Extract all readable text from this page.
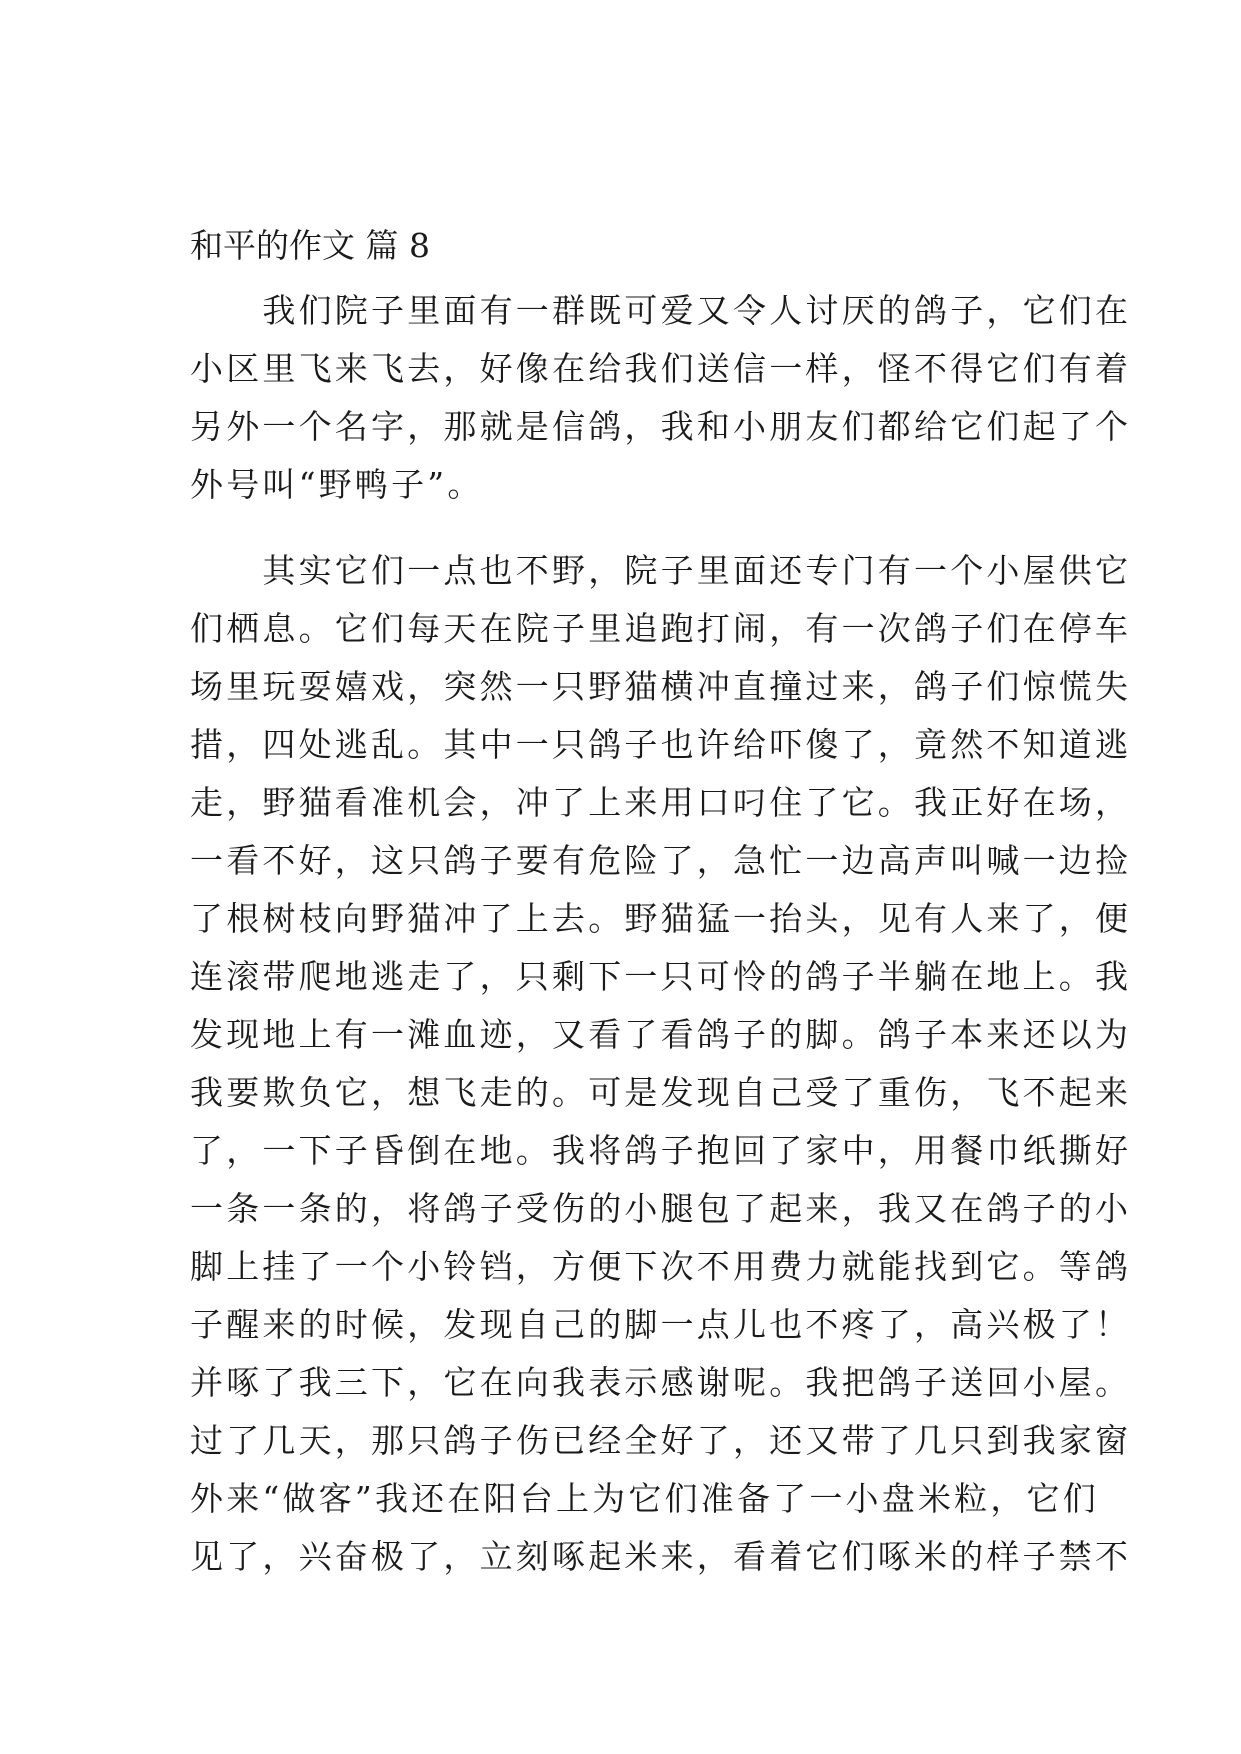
和平的作文 篇 8
　　我们院子里面有一群既可爱又令人讨厌的鸽子，它们在
小区里飞来飞去，好像在给我们送信一样，怪不得它们有着
另外一个名字，那就是信鸽，我和小朋友们都给它们起了个
外号叫“野鸭子”。
　　其实它们一点也不野，院子里面还专门有一个小屋供它
们栖息。它们每天在院子里追跑打闹，有一次鸽子们在停车
场里玩耍嬉戏，突然一只野猫横冲直撞过来，鸽子们惊慌失
措，四处逃乱。其中一只鸽子也许给吓傻了，竟然不知道逃
走，野猫看准机会，冲了上来用口叼住了它。我正好在场，
一看不好，这只鸽子要有危险了，急忙一边高声叫喊一边捡
了根树枝向野猫冲了上去。野猫猛一抬头，见有人来了，便
连滚带爬地逃走了，只剩下一只可怜的鸽子半躺在地上。我
发现地上有一滩血迹，又看了看鸽子的脚。鸽子本来还以为
我要欺负它，想飞走的。可是发现自己受了重伤，飞不起来
了，一下子昏倒在地。我将鸽子抱回了家中，用餐巾纸撕好
一条一条的，将鸽子受伤的小腿包了起来，我又在鸽子的小
脚上挂了一个小铃铛，方便下次不用费力就能找到它。等鸽
子醒来的时候，发现自己的脚一点儿也不疼了，高兴极了！
并啄了我三下，它在向我表示感谢呢。我把鸽子送回小屋。
过了几天，那只鸽子伤已经全好了，还又带了几只到我家窗
外来“做客”我还在阳台上为它们准备了一小盘米粒，它们
见了，兴奋极了，立刻啄起米来，看着它们啄米的样子禁不
